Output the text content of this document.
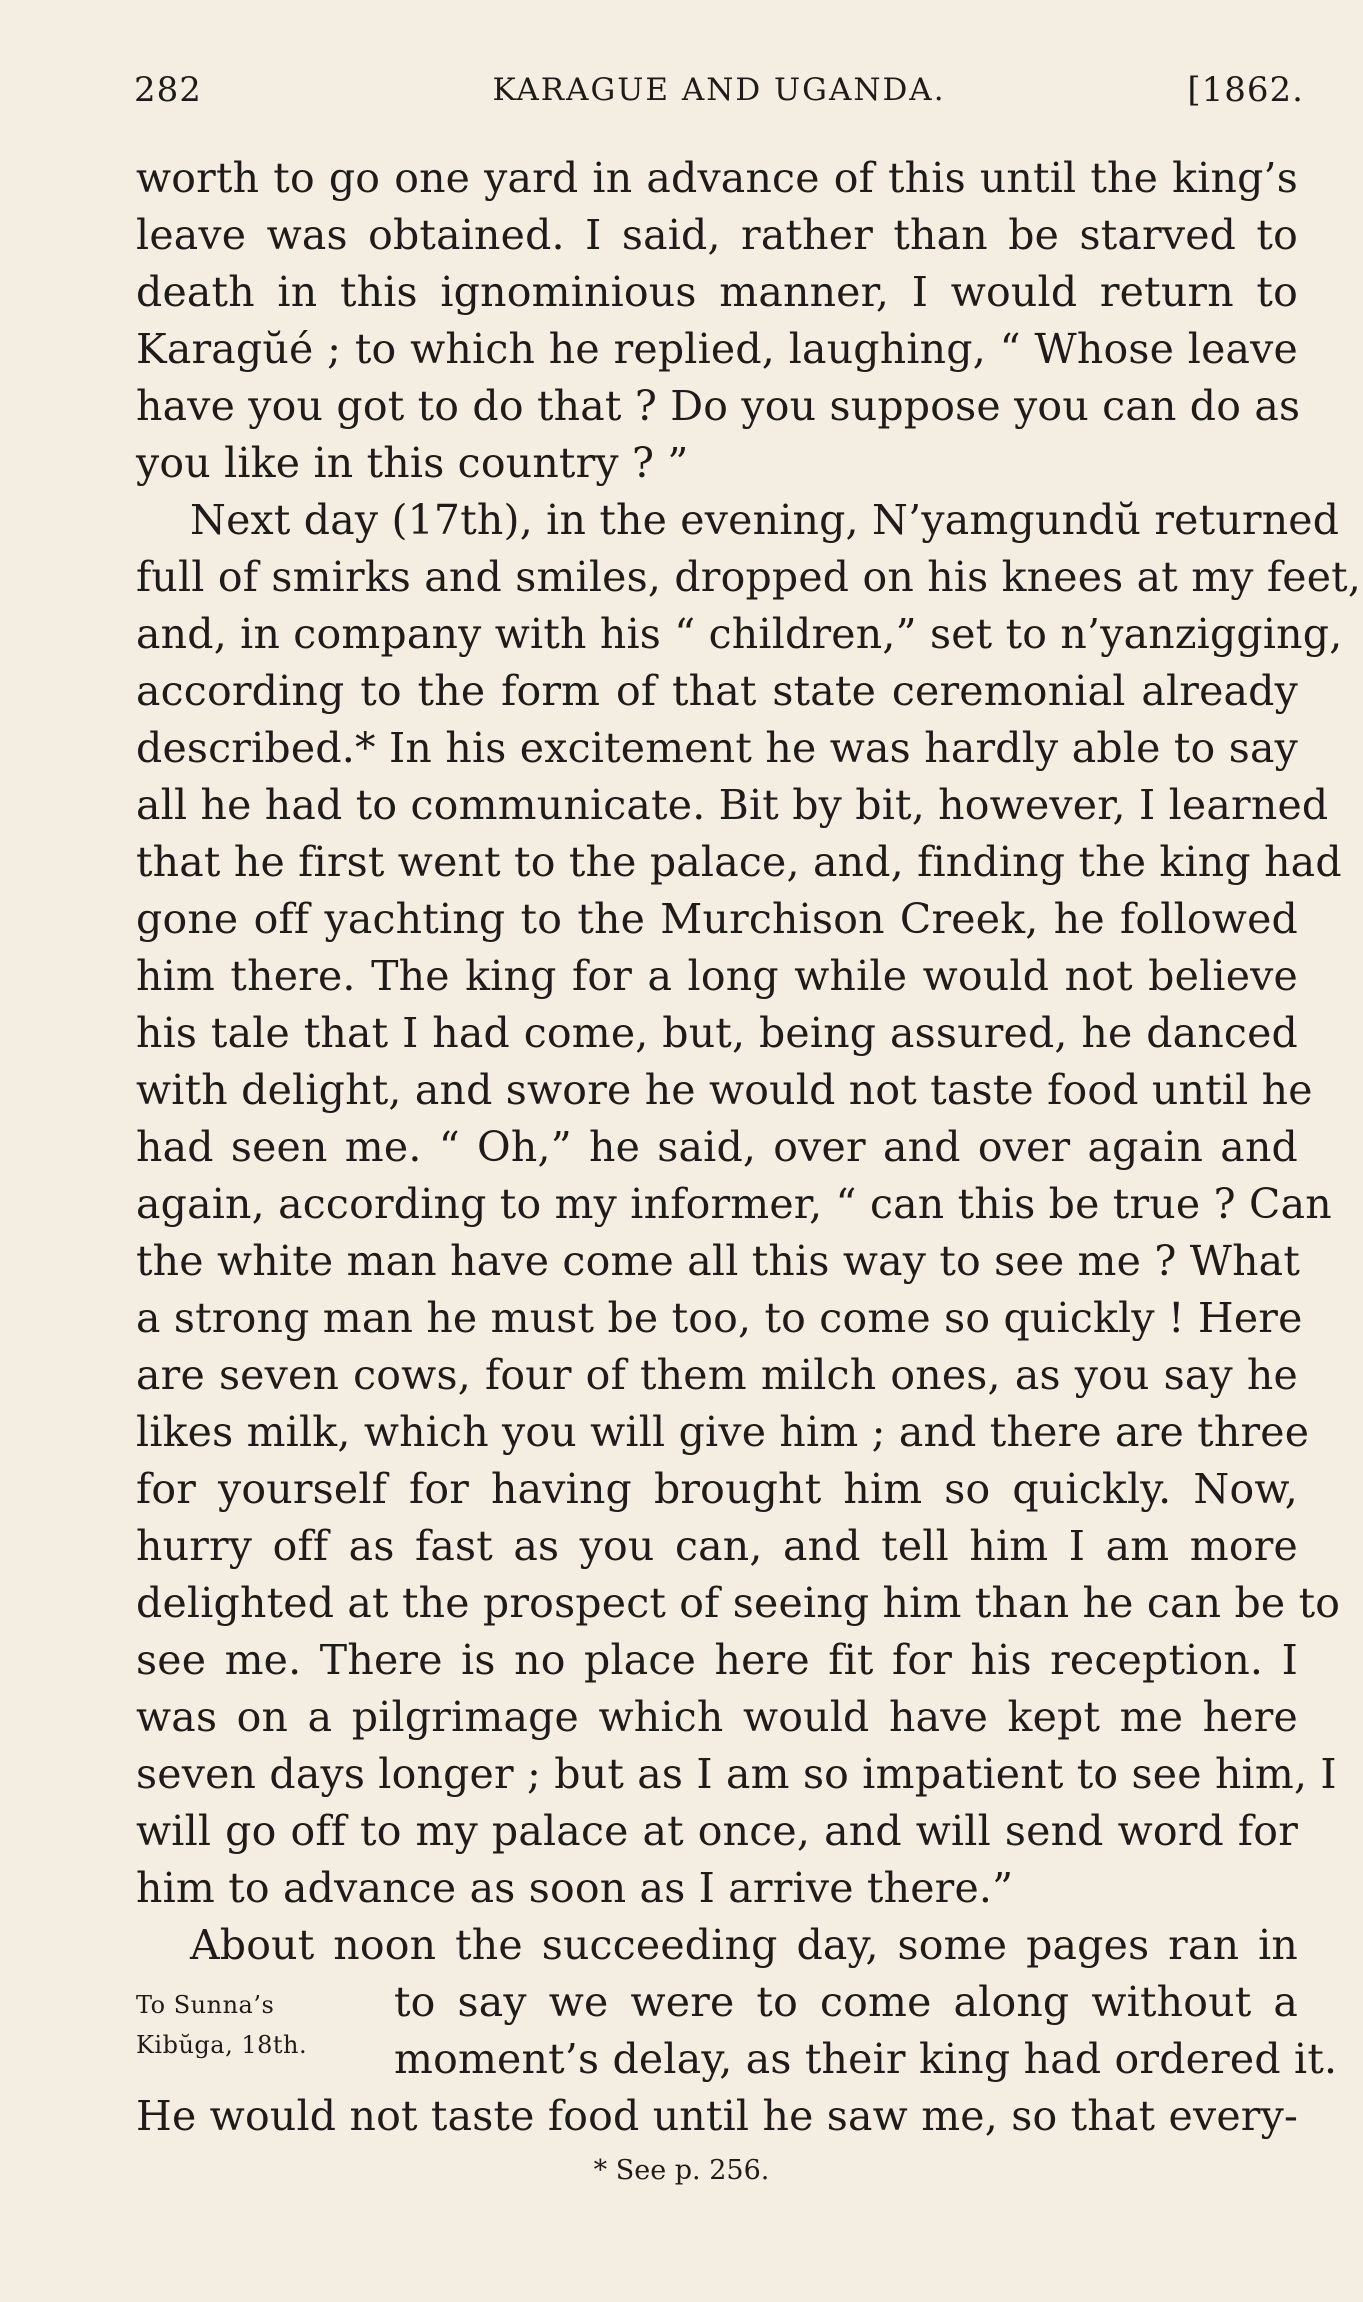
282	KARAGUE AND UGANDA.	[1862.
worth to go one yard in advance of this until the king’s
leave was obtained. I said, rather than be starved to
death in this ignominious manner, I would return to
Karagŭé ; to which he replied, laughing, “ Whose leave
have you got to do that ? Do you suppose you can do as
you like in this country ? ”
Next day (17th), in the evening, N’yamgundŭ returned
full of smirks and smiles, dropped on his knees at my feet,
and, in company with his “ children,” set to n’yanzigging,
according to the form of that state ceremonial already
described.* In his excitement he was hardly able to say
all he had to communicate. Bit by bit, however, I learned
that he first went to the palace, and, finding the king had
gone off yachting to the Murchison Creek, he followed
him there. The king for a long while would not believe
his tale that I had come, but, being assured, he danced
with delight, and swore he would not taste food until he
had seen me. “ Oh,” he said, over and over again and
again, according to my informer, “ can this be true ? Can
the white man have come all this way to see me ? What
a strong man he must be too, to come so quickly ! Here
are seven cows, four of them milch ones, as you say he
likes milk, which you will give him ; and there are three
for yourself for having brought him so quickly. Now,
hurry off as fast as you can, and tell him I am more
delighted at the prospect of seeing him than he can be to
see me. There is no place here fit for his reception. I
was on a pilgrimage which would have kept me here
seven days longer ; but as I am so impatient to see him, I
will go off to my palace at once, and will send word for
him to advance as soon as I arrive there.”
About noon the succeeding day, some pages ran in
to say we were to come along without a
moment’s delay, as their king had ordered it.
He would not taste food until he saw me, so that every-
To Sunna’s
Kibŭga, 18th.
* See p. 256.
